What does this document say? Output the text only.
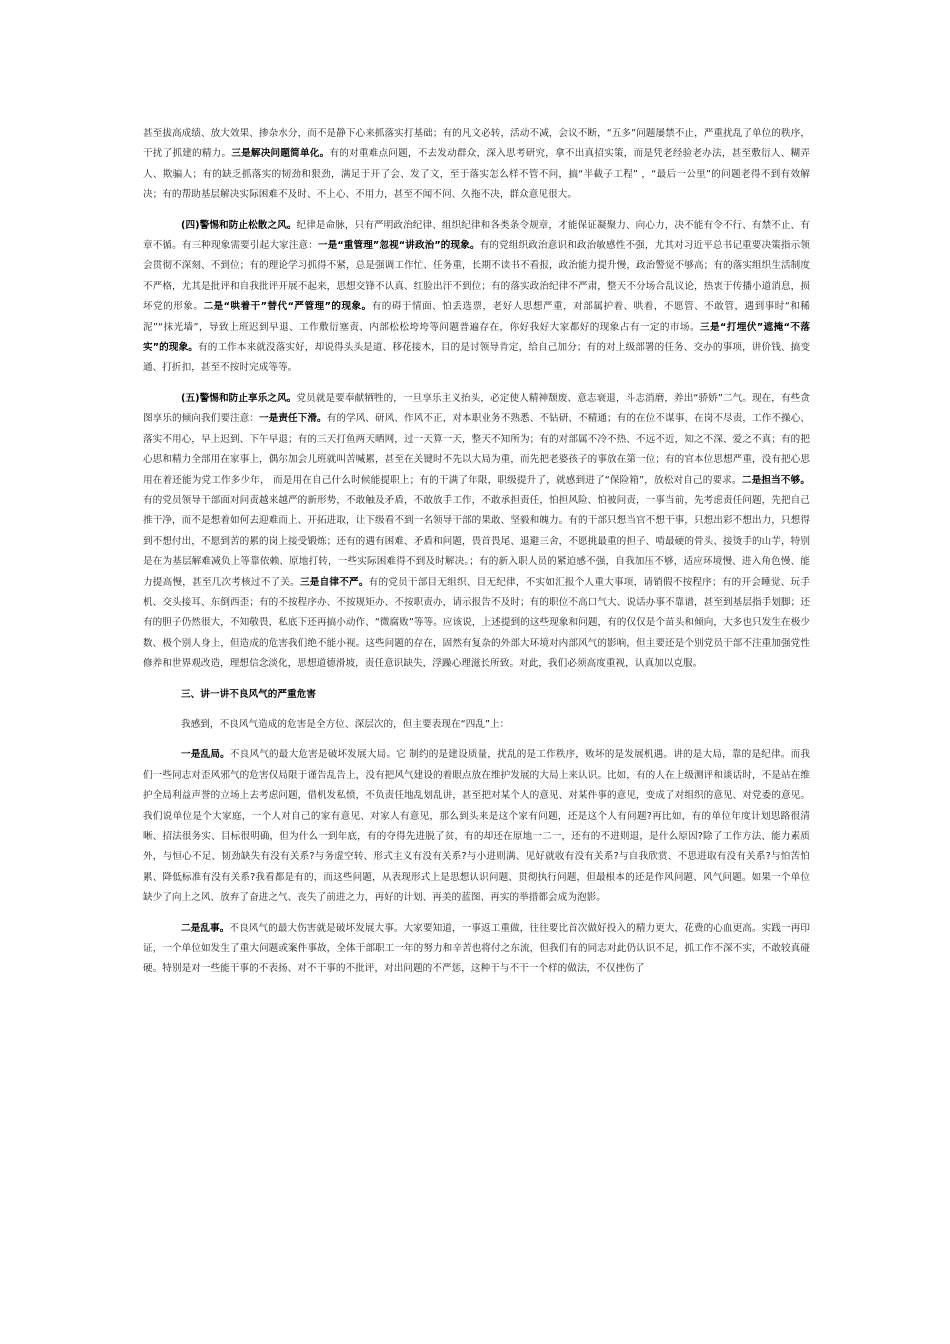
甚至拔高成绩、放大效果、掺杂水分，而不是静下心来抓落实打基础；有的凡文必转，活动不减，会议不断，“五多”问题屡禁不止，严重扰乱了单位的秩序，干扰了抓建的精力。三是解决问题简单化。有的对重难点问题，不去发动群众，深入思考研究，拿不出真招实策，而是凭老经验老办法，甚至敷衍人、糊弄人、欺骗人；有的缺乏抓落实的韧劲和狠劲，满足于开了会、发了文，至于落实怎么样不管不问，搞“半截子工程” ，“最后一公里”的问题老得不到有效解决；有的帮助基层解决实际困难不及时、不上心、不用力，甚至不闻不问、久拖不决，群众意见很大。

(四)警惕和防止松散之风。纪律是命脉，只有严明政治纪律、组织纪律和各类条令规章，才能保证凝聚力、向心力，决不能有令不行、有禁不止、有章不循。有三种现象需要引起大家注意：一是“重管理”忽视“讲政治”的现象。有的党组织政治意识和政治敏感性不强，尤其对习近平总书记重要决策指示领会贯彻不深刻、不到位；有的理论学习抓得不紧，总是强调工作忙、任务重，长期不读书不看报，政治能力提升慢，政治警觉不够高；有的落实组织生活制度不严格，尤其是批评和自我批评开展不起来，思想交锋不认真、红脸出汗不到位；有的落实政治纪律不严肃，整天不分场合乱议论，热衷于传播小道消息，损坏党的形象。二是“哄着干”替代“严管理”的现象。有的碍于情面、怕丢选票，老好人思想严重，对部属护着、哄着，不愿管、不敢管，遇到事时“和稀泥”“抹光墙”，导致上班迟到早退、工作敷衍塞责、内部松松垮垮等问题普遍存在，你好我好大家都好的现象占有一定的市场。三是“打埋伏”遮掩“不落实”的现象。有的工作本来就没落实好，却说得头头是道、移花接木，目的是讨领导肯定，给自己加分；有的对上级部署的任务、交办的事项，讲价钱、搞变通、打折扣，甚至不按时完成等等。

(五)警惕和防止享乐之风。党员就是要奉献牺牲的，一旦享乐主义抬头，必定使人精神颓废、意志衰退，斗志消磨，养出“骄娇”二气。现在，有些贪图享乐的倾向我们要注意：一是责任下滑。有的学风、研风、作风不正，对本职业务不熟悉、不钻研、不精通；有的在位不谋事、在岗不尽责，工作不操心、落实不用心，早上迟到、下午早退；有的三天打鱼两天晒网，过一天算一天，整天不知所为；有的对部属不冷不热、不远不近，知之不深、爱之不真；有的把心思和精力全部用在家事上，偶尔加会儿班就叫苦喊累，甚至在关键时不先以大局为重，而先把老婆孩子的事放在第一位；有的官本位思想严重，没有把心思用在着还能为党工作多少年， 而是用在自己什么时候能提职上；有的干满了年限，职级提升了，就感到进了“保险箱”，放松对自己的要求。二是担当不够。有的党员领导干部面对问责越来越严的新形势，不敢触及矛盾，不敢放手工作，不敢承担责任，怕担风险、怕被问责，一事当前，先考虑责任问题，先把自己推干净，而不是想着如何去迎难而上、开拓进取，让下级看不到一名领导干部的果敢、坚毅和魄力。有的干部只想当官不想干事，只想出彩不想出力，只想得到不想付出，不愿到苦的累的岗上接受锻炼；还有的遇有困难、矛盾和问题，畏首畏尾、退避三舍，不愿挑最重的担子、啃最硬的骨头、接烫手的山芋，特别是在为基层解难减负上等靠依赖、原地打转，一些实际困难得不到及时解决。；有的新入职人员的紧迫感不强，自我加压不够，适应环境慢、进入角色慢、能力提高慢，甚至几次考核过不了关。三是自律不严。有的党员干部目无组织、目无纪律，不实如汇报个人重大事项，请销假不按程序；有的开会睡觉、玩手机、交头接耳、东倒西歪；有的不按程序办、不按规矩办、不按职责办，请示报告不及时；有的职位不高口气大、说话办事不靠谱，甚至到基层指手划脚；还有的胆子仍然很大，不知敬畏，私底下还再搞小动作、“微腐败”等等。应该说，上述提到的这些现象和问题，有的仅仅是个苗头和倾向，大多也只发生在极少数、极个别人身上，但造成的危害我们绝不能小视。这些问题的存在，固然有复杂的外部大环境对内部风气的影响，但主要还是个别党员干部不注重加强党性修养和世界观改造，理想信念淡化，思想道德滑坡，责任意识缺失，浮躁心理滋长所致。对此，我们必须高度重视，认真加以克服。

三、讲一讲不良风气的严重危害

我感到，不良风气造成的危害是全方位、深层次的，但主要表现在“四乱”上：

一是乱局。不良风气的最大危害是破坏发展大局。它 制约的是建设质量，扰乱的是工作秩序，败坏的是发展机遇。讲的是大局，靠的是纪律。而我们一些同志对歪风邪气的危害仅局限于谨告乱告上，没有把风气建设的着眼点放在维护发展的大局上来认识。比如，有的人在上级测评和谈话时，不是站在维护全局利益声誉的立场上去考虑问题，借机发私愤，不负责任地乱划乱讲，甚至把对某个人的意见、对某件事的意见，变成了对组织的意见、对党委的意见。我们说单位是个大家庭，一个人对自己的家有意见、对家人有意见，那么到头来是这个家有问题，还是这个人有问题?再比如，有的单位年度计划思路很清晰、招法很务实、目标很明确，但为什么一到年底，有的夺得先进脱了贫，有的却还在原地一二一，还有的不进则退，是什么原因?除了工作方法、能力素质外，与恒心不足、韧劲缺失有没有关系?与务虚空转、形式主义有没有关系?与小进则满、见好就收有没有关系?与自我欣赏、不思进取有没有关系?与怕苦怕累、降低标准有没有关系?我看都是有的，而这些问题，从表现形式上是思想认识问题、贯彻执行问题，但最根本的还是作风问题、风气问题。如果一个单位缺少了向上之风、放弃了奋进之气、丧失了前进之力，再好的计划、再美的蓝图、再实的举措都会成为泡影。

二是乱事。不良风气的最大伤害就是破坏发展大事。大家要知道，一事返工重做，往往要比首次做好投入的精力更大，花费的心血更高。实践一再印证，一个单位如发生了重大问题或案件事故，全体干部职工一年的努力和辛苦也将付之东流，但我们有的同志对此仍认识不足，抓工作不深不实，不敢较真碰硬。特别是对一些能干事的不表扬、对不干事的不批评，对出问题的不严惩，这种干与不干一个样的做法，不仅挫伤了
